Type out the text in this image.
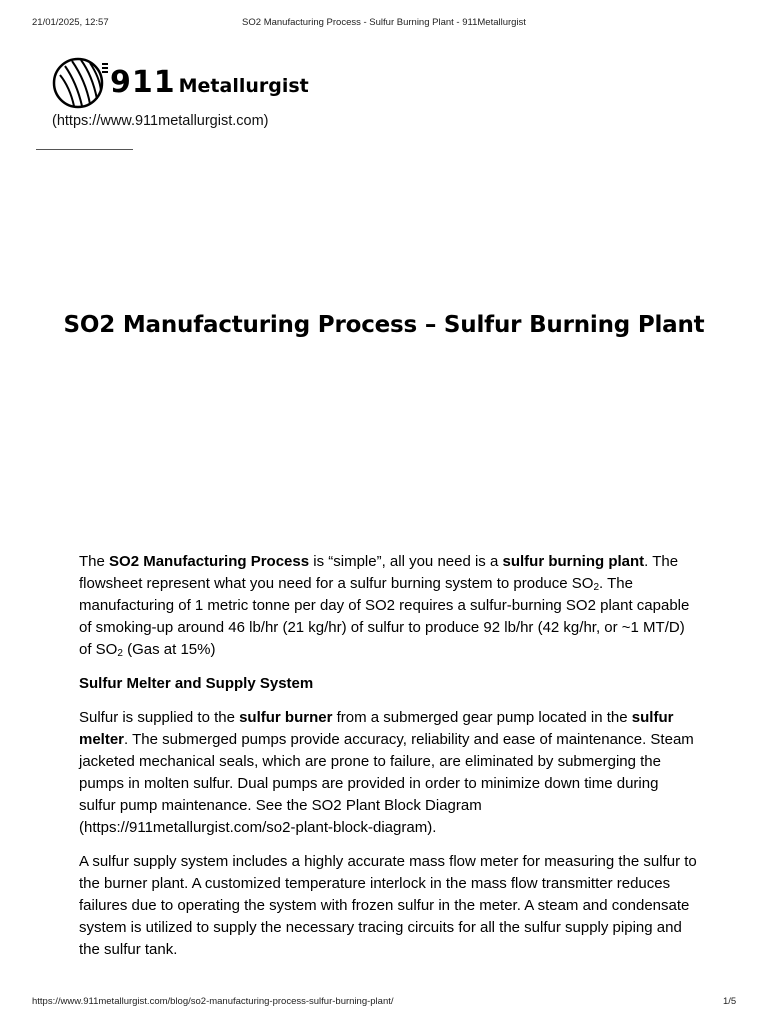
21/01/2025, 12:57	SO2 Manufacturing Process - Sulfur Burning Plant - 911Metallurgist
911 Metallurgist
(https://www.911metallurgist.com)
SO2 Manufacturing Process – Sulfur Burning Plant

The SO2 Manufacturing Process is “simple”, all you need is a sulfur burning plant. The flowsheet represent what you need for a sulfur burning system to produce $SO_2$. The manufacturing of 1 metric tonne per day of SO2 requires a sulfur-burning SO2 plant capable of smoking-up around 46 lb/hr (21 kg/hr) of sulfur to produce 92 lb/hr (42 kg/hr, or ~1 MT/D) of $SO_2$ (Gas at 15%)

Sulfur Melter and Supply System

Sulfur is supplied to the sulfur burner from a submerged gear pump located in the sulfur melter. The submerged pumps provide accuracy, reliability and ease of maintenance. Steam jacketed mechanical seals, which are prone to failure, are eliminated by submerging the pumps in molten sulfur. Dual pumps are provided in order to minimize down time during sulfur pump maintenance. See the SO2 Plant Block Diagram (https://911metallurgist.com/so2-plant-block-diagram).

A sulfur supply system includes a highly accurate mass flow meter for measuring the sulfur to the burner plant. A customized temperature interlock in the mass flow transmitter reduces failures due to operating the system with frozen sulfur in the meter. A steam and condensate system is utilized to supply the necessary tracing circuits for all the sulfur supply piping and the sulfur tank.

https://www.911metallurgist.com/blog/so2-manufacturing-process-sulfur-burning-plant/	1/5
